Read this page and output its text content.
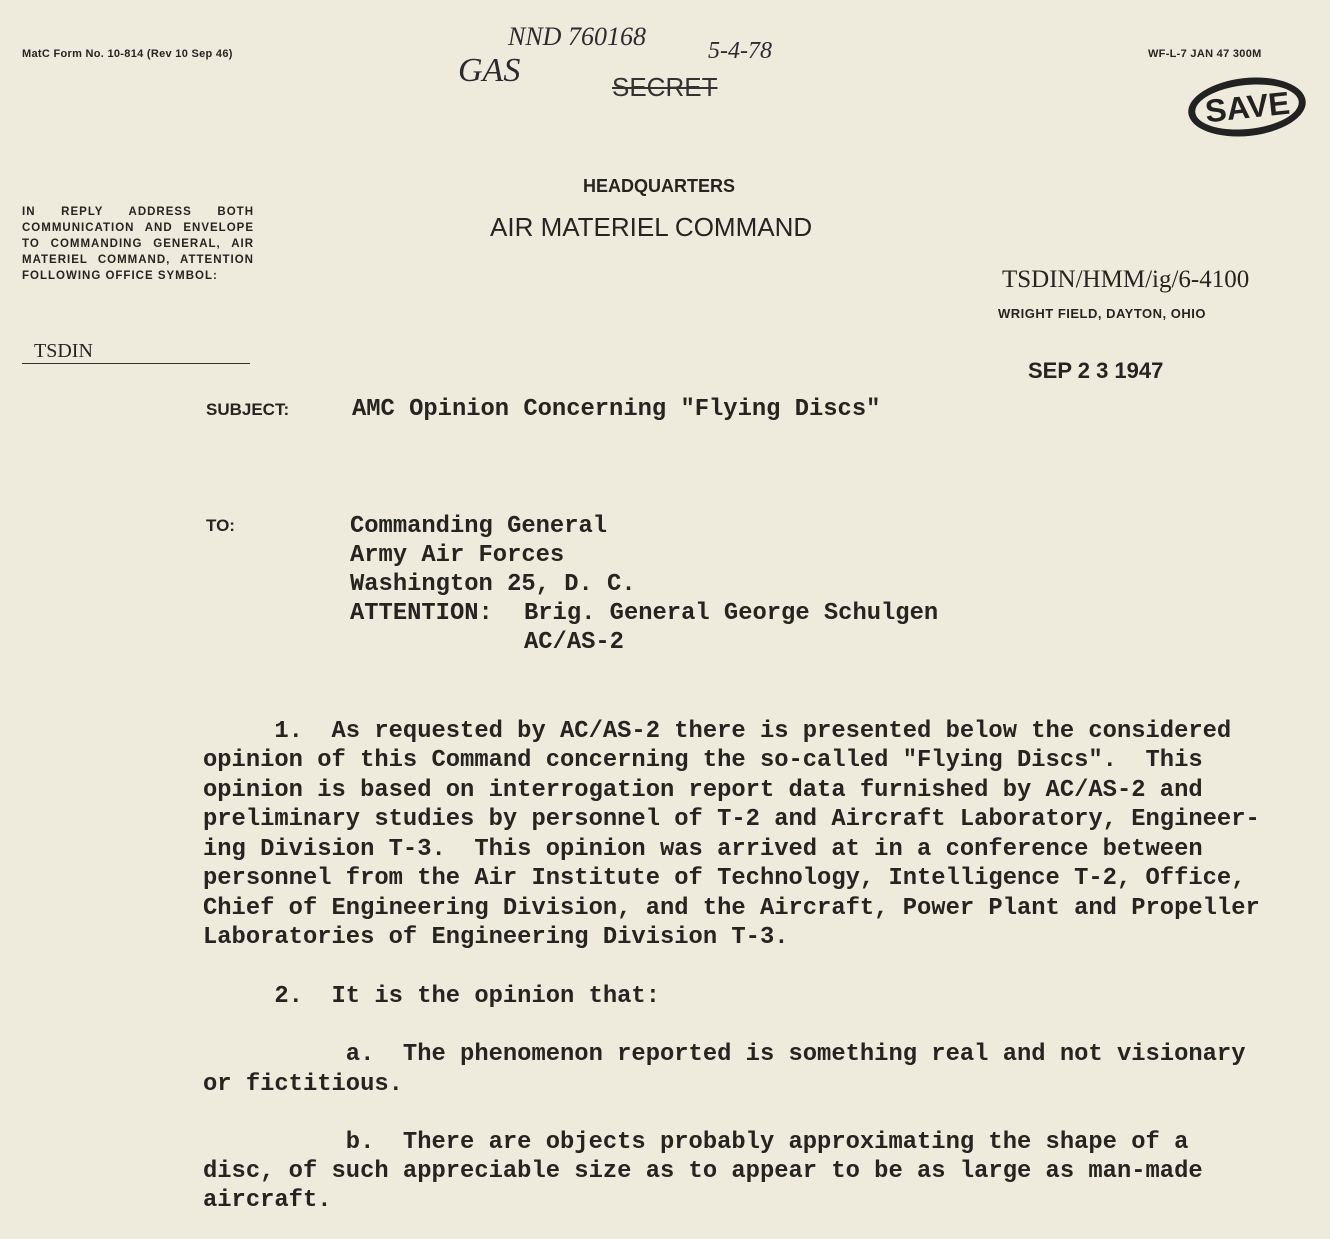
MatC Form No. 10-814 (Rev 10 Sep 46)	WF-L-7 JAN 47 300M
NND 760168	5-4-78
GAS	SECRET

	SAVE

HEADQUARTERS
AIR MATERIEL COMMAND
IN REPLY ADDRESS BOTH COMMUNICATION AND ENVELOPE TO COMMANDING GENERAL, AIR MATERIEL COMMAND, ATTENTION FOLLOWING OFFICE SYMBOL:
TSDIN
TSDIN/HMM/ig/6-4100
WRIGHT FIELD, DAYTON, OHIO
SEP 2 3 1947
SUBJECT:	AMC Opinion Concerning "Flying Discs"
TO:	Commanding General
Army Air Forces
Washington 25, D. C.
ATTENTION: Brig. General George Schulgen
AC/AS-2
1.  As requested by AC/AS-2 there is presented below the considered
opinion of this Command concerning the so-called "Flying Discs".  This
opinion is based on interrogation report data furnished by AC/AS-2 and
preliminary studies by personnel of T-2 and Aircraft Laboratory, Engineer-
ing Division T-3.  This opinion was arrived at in a conference between
personnel from the Air Institute of Technology, Intelligence T-2, Office,
Chief of Engineering Division, and the Aircraft, Power Plant and Propeller
Laboratories of Engineering Division T-3.
2.  It is the opinion that:
a.  The phenomenon reported is something real and not visionary
or fictitious.
b.  There are objects probably approximating the shape of a
disc, of such appreciable size as to appear to be as large as man-made
aircraft.
